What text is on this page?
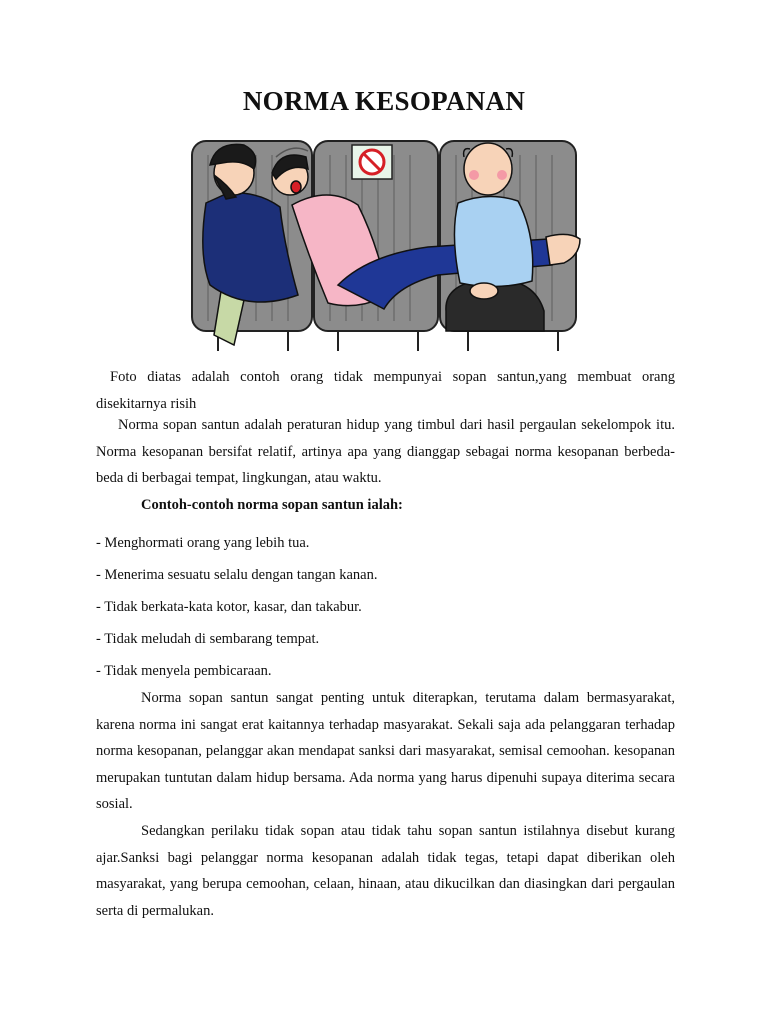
NORMA KESOPANAN

Foto diatas adalah contoh orang tidak mempunyai sopan santun,yang membuat orang disekitarnya risih

Norma sopan santun adalah peraturan hidup yang timbul dari hasil pergaulan sekelompok itu. Norma kesopanan bersifat relatif, artinya apa yang dianggap sebagai norma kesopanan berbeda-beda di berbagai tempat, lingkungan, atau waktu.

Contoh-contoh norma sopan santun ialah:

- Menghormati orang yang lebih tua.
- Menerima sesuatu selalu dengan tangan kanan.
- Tidak berkata-kata kotor, kasar, dan takabur.
- Tidak meludah di sembarang tempat.
- Tidak menyela pembicaraan.

Norma sopan santun sangat penting untuk diterapkan, terutama dalam bermasyarakat, karena norma ini sangat erat kaitannya terhadap masyarakat. Sekali saja ada pelanggaran terhadap norma kesopanan, pelanggar akan mendapat sanksi dari masyarakat, semisal cemoohan. kesopanan merupakan tuntutan dalam hidup bersama. Ada norma yang harus dipenuhi supaya diterima secara sosial.

Sedangkan perilaku tidak sopan atau tidak tahu sopan santun istilahnya disebut kurang ajar.Sanksi bagi pelanggar norma kesopanan adalah tidak tegas, tetapi dapat diberikan oleh masyarakat, yang berupa cemoohan, celaan, hinaan, atau dikucilkan dan diasingkan dari pergaulan serta di permalukan.
